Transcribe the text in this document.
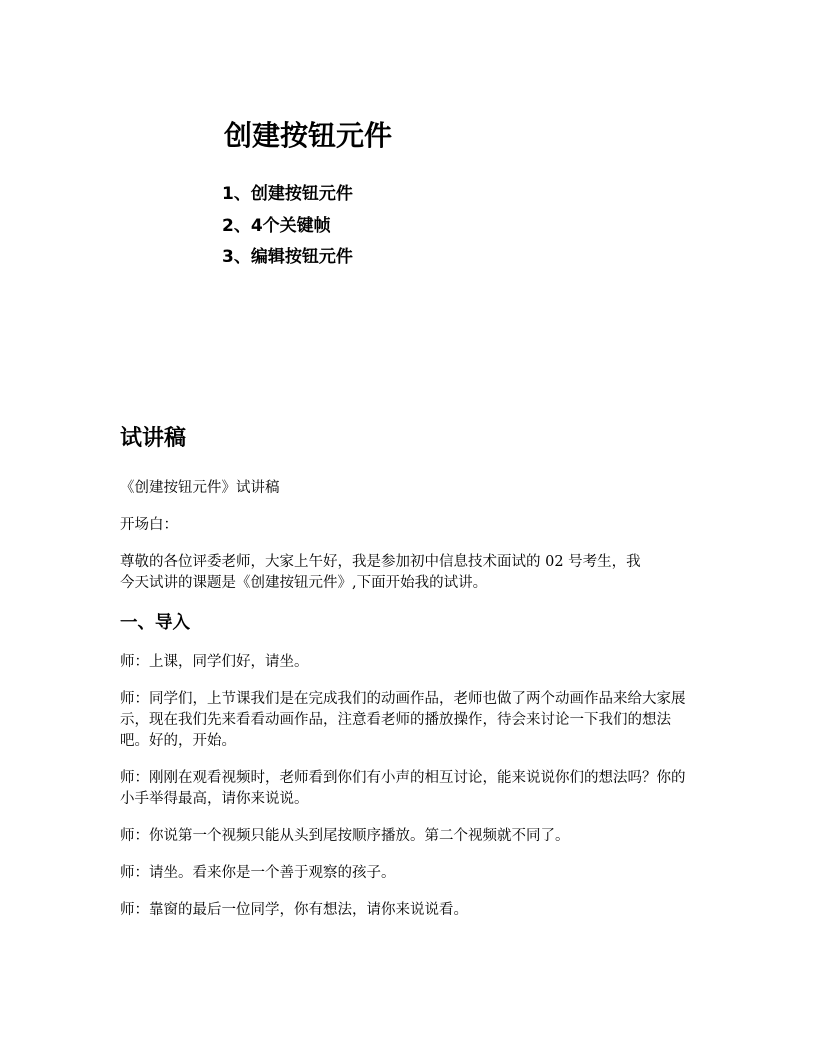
创建按钮元件
1、创建按钮元件
2、4个关键帧
3、编辑按钮元件
试讲稿

《创建按钮元件》试讲稿

开场白：

尊敬的各位评委老师，大家上午好，我是参加初中信息技术面试的 02 号考生，我
今天试讲的课题是《创建按钮元件》,下面开始我的试讲。

一、导入

师：上课，同学们好，请坐。

师：同学们，上节课我们是在完成我们的动画作品，老师也做了两个动画作品来给大家展示，现在我们先来看看动画作品，注意看老师的播放操作，待会来讨论一下我们的想法吧。好的，开始。

师：刚刚在观看视频时，老师看到你们有小声的相互讨论，能来说说你们的想法吗？你的小手举得最高，请你来说说。

师：你说第一个视频只能从头到尾按顺序播放。第二个视频就不同了。

师：请坐。看来你是一个善于观察的孩子。

师：靠窗的最后一位同学，你有想法，请你来说说看。
